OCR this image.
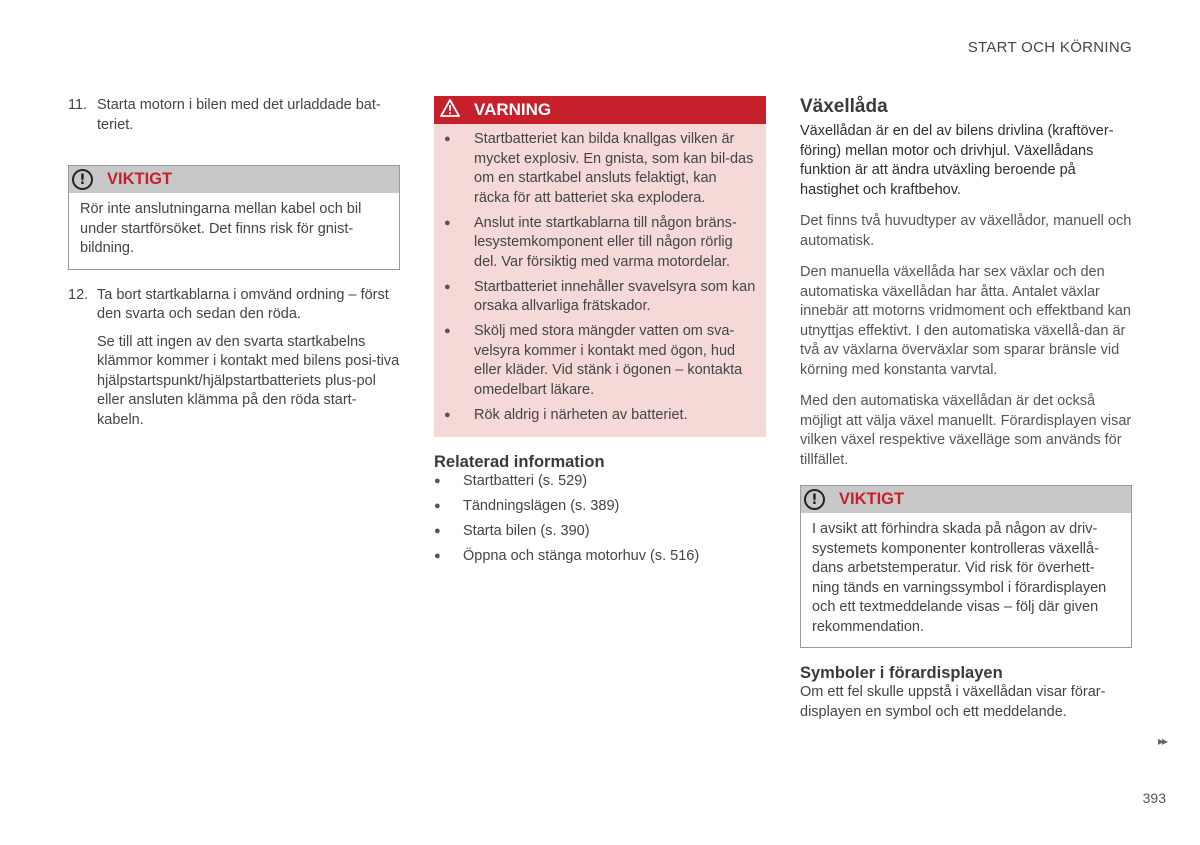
START OCH KÖRNING
11. Starta motorn i bilen med det urladdade bat-teriet.
!	VIKTIGT
Rör inte anslutningarna mellan kabel och bil under startförsöket. Det finns risk för gnist-bildning.
12. Ta bort startkablarna i omvänd ordning – först den svarta och sedan den röda.
Se till att ingen av den svarta startkabelns klämmor kommer i kontakt med bilens posi-tiva hjälpstartspunkt/hjälpstartbatteriets plus-pol eller ansluten klämma på den röda start-kabeln.
VARNING
●	Startbatteriet kan bilda knallgas vilken är mycket explosiv. En gnista, som kan bil-das om en startkabel ansluts felaktigt, kan räcka för att batteriet ska explodera.
●	Anslut inte startkablarna till någon bräns-lesystemkomponent eller till någon rörlig del. Var försiktig med varma motordelar.
●	Startbatteriet innehåller svavelsyra som kan orsaka allvarliga frätskador.
●	Skölj med stora mängder vatten om sva-velsyra kommer i kontakt med ögon, hud eller kläder. Vid stänk i ögonen – kontakta omedelbart läkare.
●	Rök aldrig i närheten av batteriet.
Relaterad information
●	Startbatteri (s. 529)
●	Tändningslägen (s. 389)
●	Starta bilen (s. 390)
●	Öppna och stänga motorhuv (s. 516)
Växellåda

Växellådan är en del av bilens drivlina (kraftöver-föring) mellan motor och drivhjul. Växellådans funktion är att ändra utväxling beroende på hastighet och kraftbehov.

Det finns två huvudtyper av växellådor, manuell och automatisk.

Den manuella växellåda har sex växlar och den automatiska växellådan har åtta. Antalet växlar innebär att motorns vridmoment och effektband kan utnyttjas effektivt. I den automatiska växellå-dan är två av växlarna överväxlar som sparar bränsle vid körning med konstanta varvtal.

Med den automatiska växellådan är det också möjligt att välja växel manuellt. Förardisplayen visar vilken växel respektive växelläge som används för tillfället.

!	VIKTIGT
I avsikt att förhindra skada på någon av driv-systemets komponenter kontrolleras växellå-dans arbetstemperatur. Vid risk för överhett-ning tänds en varningssymbol i förardisplayen och ett textmeddelande visas – följ där given rekommendation.
Symboler i förardisplayen

Om ett fel skulle uppstå i växellådan visar förar-displayen en symbol och ett meddelande.

▸▸
393
